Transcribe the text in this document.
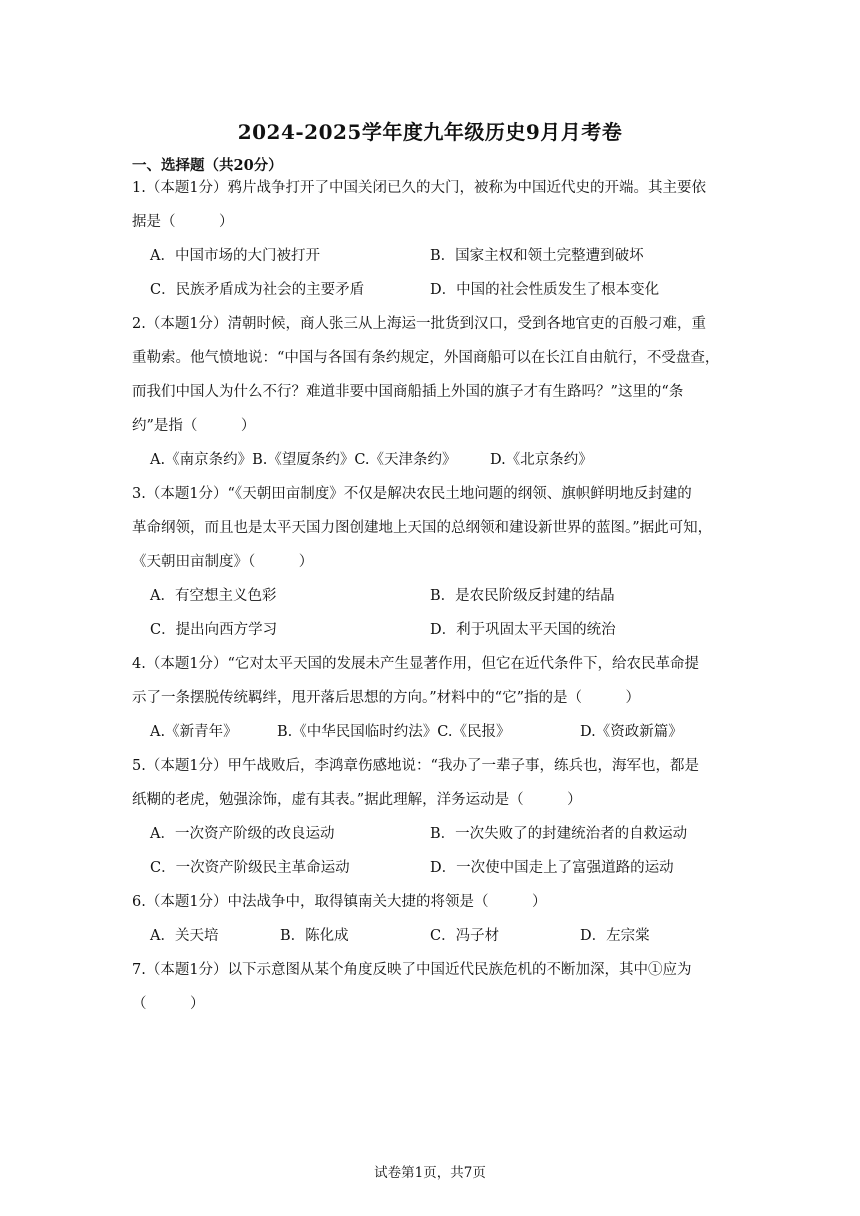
2024-2025学年度九年级历史9月月考卷
一、选择题（共20分）
1.（本题1分）鸦片战争打开了中国关闭已久的大门，被称为中国近代史的开端。其主要依
据是（　　　）
A．中国市场的大门被打开	B．国家主权和领土完整遭到破坏
C．民族矛盾成为社会的主要矛盾	D．中国的社会性质发生了根本变化
2.（本题1分）清朝时候，商人张三从上海运一批货到汉口，受到各地官吏的百般刁难，重
重勒索。他气愤地说：“中国与各国有条约规定，外国商船可以在长江自由航行，不受盘查，
而我们中国人为什么不行？难道非要中国商船插上外国的旗子才有生路吗？”这里的“条
约”是指（　　　）
A.《南京条约》B.《望厦条约》C.《天津条约》 D.《北京条约》
3.（本题1分）“《天朝田亩制度》不仅是解决农民土地问题的纲领、旗帜鲜明地反封建的
革命纲领，而且也是太平天国力图创建地上天国的总纲领和建设新世界的蓝图。”据此可知，
《天朝田亩制度》（　　　）
A．有空想主义色彩	B．是农民阶级反封建的结晶
C．提出向西方学习	D．利于巩固太平天国的统治
4.（本题1分）“它对太平天国的发展未产生显著作用，但它在近代条件下，给农民革命提
示了一条摆脱传统羁绊，甩开落后思想的方向。”材料中的“它”指的是（　　　）
A.《新青年》	B.《中华民国临时约法》C.《民报》	D.《资政新篇》
5.（本题1分）甲午战败后，李鸿章伤感地说：“我办了一辈子事，练兵也，海军也，都是
纸糊的老虎，勉强涂饰，虚有其表。”据此理解，洋务运动是（　　　）
A．一次资产阶级的改良运动	B．一次失败了的封建统治者的自救运动
C．一次资产阶级民主革命运动	D．一次使中国走上了富强道路的运动
6.（本题1分）中法战争中，取得镇南关大捷的将领是（　　　）
A．关天培	B．陈化成	C．冯子材	D．左宗棠
7.（本题1分）以下示意图从某个角度反映了中国近代民族危机的不断加深，其中①应为
（　　　）
试卷第1页，共7页
